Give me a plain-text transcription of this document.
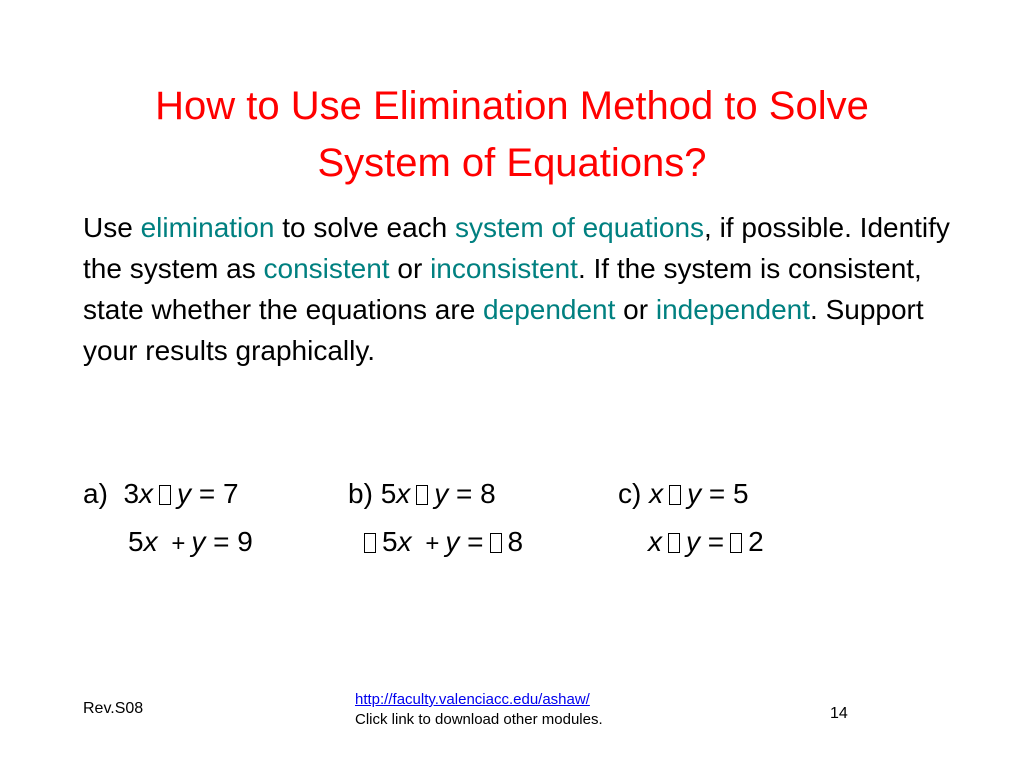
How to Use Elimination Method to Solve
System of Equations?

Use elimination to solve each system of equations, if possible. Identify the system as consistent or inconsistent. If the system is consistent, state whether the equations are dependent or independent. Support your results graphically.

a) 3x y = 7	b) 5x y = 8	c) x y = 5
5x + y = 9	5x + y = 8	x y = 2
Rev.S08
http://faculty.valenciacc.edu/ashaw/
Click link to download other modules.	14
